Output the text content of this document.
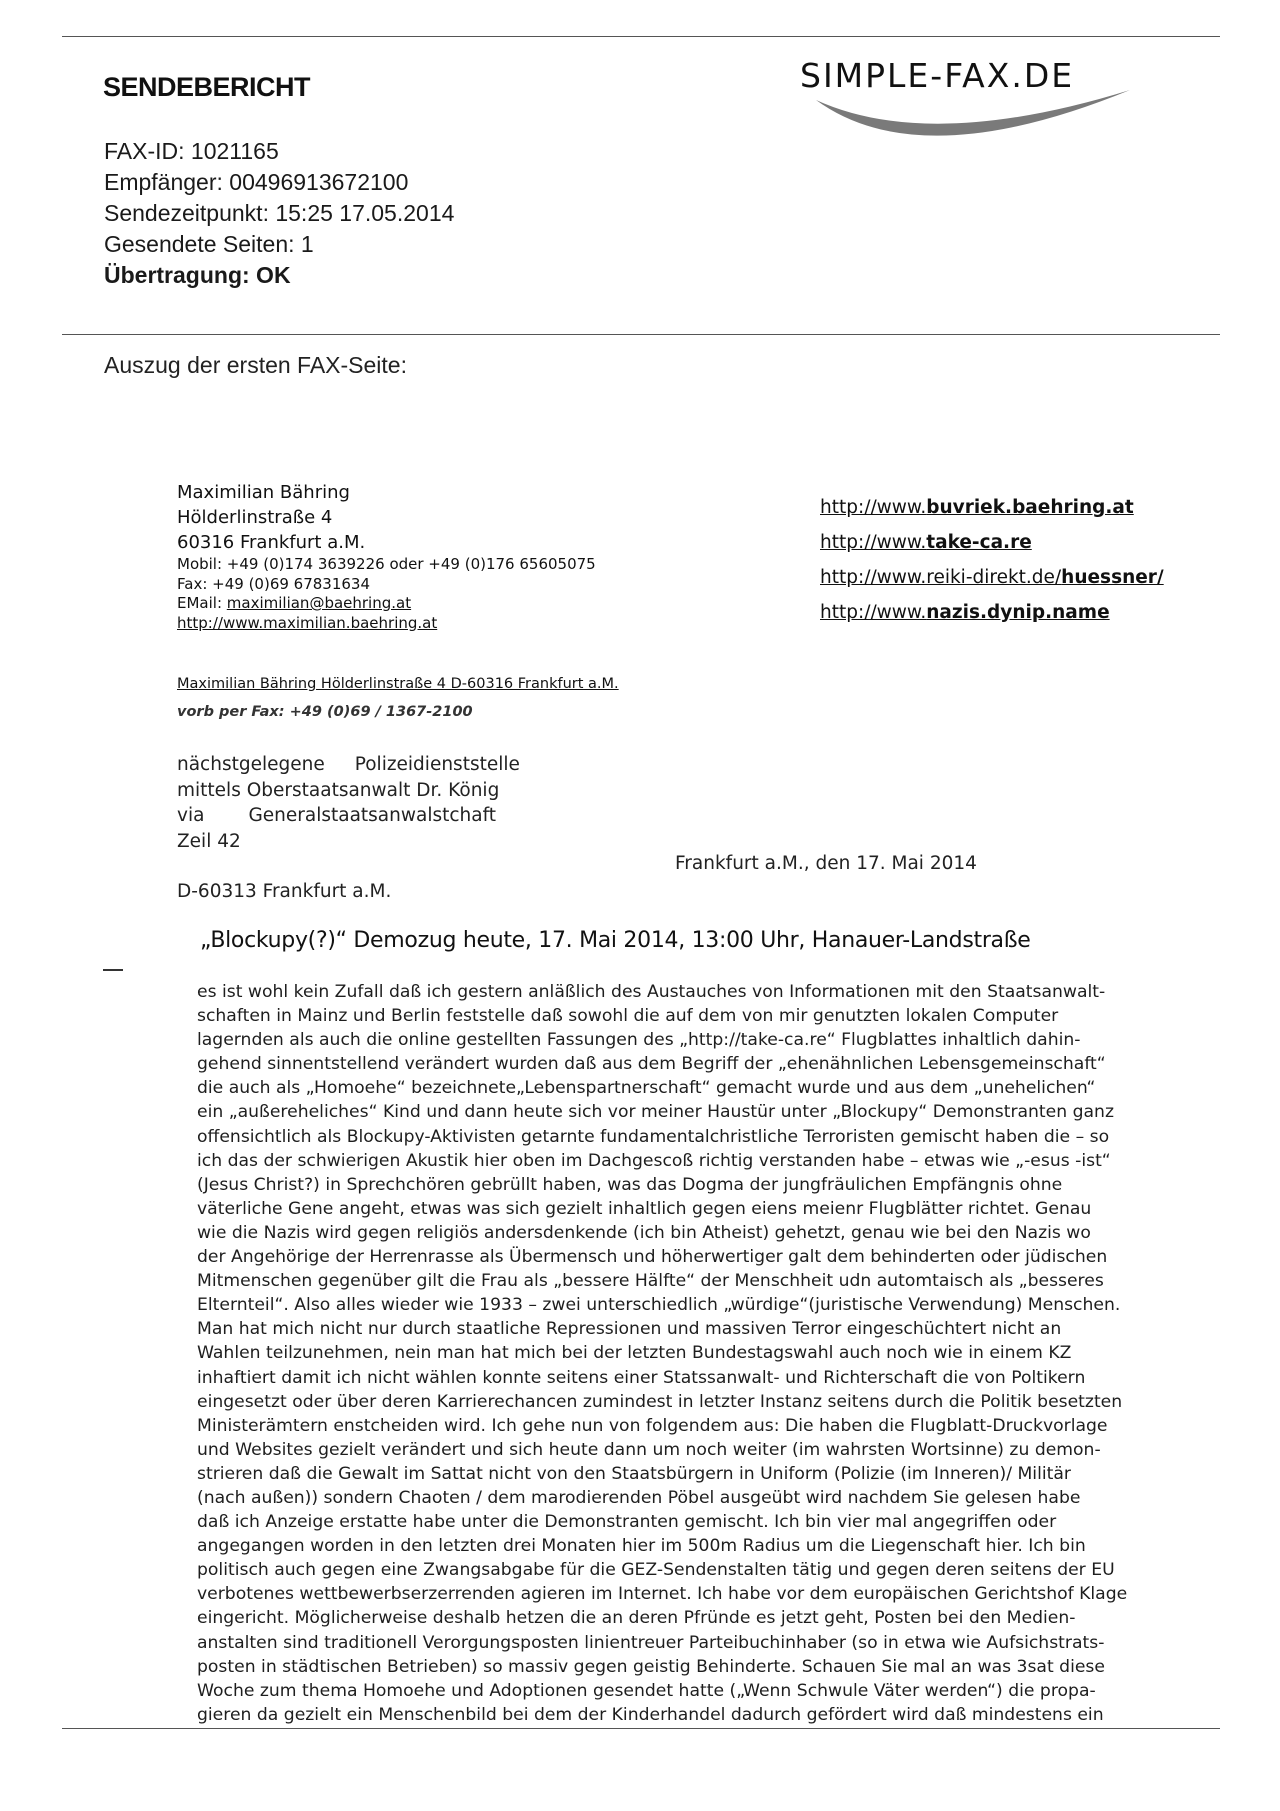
SENDEBERICHT
FAX-ID: 1021165
Empfänger: 00496913672100
Sendezeitpunkt: 15:25 17.05.2014
Gesendete Seiten: 1
Übertragung: OK
SIMPLE-FAX.DE
Auszug der ersten FAX-Seite:
Maximilian Bähring
Hölderlinstraße 4
60316 Frankfurt a.M.
Mobil: +49 (0)174 3639226 oder +49 (0)176 65605075
Fax: +49 (0)69 67831634
EMail: maximilian@baehring.at
http://www.maximilian.baehring.at
http://www.buvriek.baehring.at
http://www.take-ca.re
http://www.reiki-direkt.de/huessner/
http://www.nazis.dynip.name
Maximilian Bähring Hölderlinstraße 4 D-60316 Frankfurt a.M.
vorb per Fax: +49 (0)69 / 1367-2100
nächstgelegene Polizeidienststelle
mittels Oberstaatsanwalt Dr. König
via Generalstaatsanwalstchaft
Zeil 42
Frankfurt a.M., den 17. Mai 2014
D-60313 Frankfurt a.M.
„Blockupy(?)“ Demozug heute, 17. Mai 2014, 13:00 Uhr, Hanauer-Landstraße
es ist wohl kein Zufall daß ich gestern anläßlich des Austauches von Informationen mit den Staatsanwalt-
schaften in Mainz und Berlin feststelle daß sowohl die auf dem von mir genutzten lokalen Computer
lagernden als auch die online gestellten Fassungen des „http://take-ca.re“ Flugblattes inhaltlich dahin-
gehend sinnentstellend verändert wurden daß aus dem Begriff der „ehenähnlichen Lebensgemeinschaft“
die auch als „Homoehe“ bezeichnete„Lebenspartnerschaft“ gemacht wurde und aus dem „unehelichen“
ein „außereheliches“ Kind und dann heute sich vor meiner Haustür unter „Blockupy“ Demonstranten ganz
offensichtlich als Blockupy-Aktivisten getarnte fundamentalchristliche Terroristen gemischt haben die – so
ich das der schwierigen Akustik hier oben im Dachgescoß richtig verstanden habe – etwas wie „-esus -ist“
(Jesus Christ?) in Sprechchören gebrüllt haben, was das Dogma der jungfräulichen Empfängnis ohne
väterliche Gene angeht, etwas was sich gezielt inhaltlich gegen eiens meienr Flugblätter richtet. Genau
wie die Nazis wird gegen religiös andersdenkende (ich bin Atheist) gehetzt, genau wie bei den Nazis wo
der Angehörige der Herrenrasse als Übermensch und höherwertiger galt dem behinderten oder jüdischen
Mitmenschen gegenüber gilt die Frau als „bessere Hälfte“ der Menschheit udn automtaisch als „besseres
Elternteil“. Also alles wieder wie 1933 – zwei unterschiedlich „würdige“(juristische Verwendung) Menschen.
Man hat mich nicht nur durch staatliche Repressionen und massiven Terror eingeschüchtert nicht an
Wahlen teilzunehmen, nein man hat mich bei der letzten Bundestagswahl auch noch wie in einem KZ
inhaftiert damit ich nicht wählen konnte seitens einer Statssanwalt- und Richterschaft die von Poltikern
eingesetzt oder über deren Karrierechancen zumindest in letzter Instanz seitens durch die Politik besetzten
Ministerämtern enstcheiden wird. Ich gehe nun von folgendem aus: Die haben die Flugblatt-Druckvorlage
und Websites gezielt verändert und sich heute dann um noch weiter (im wahrsten Wortsinne) zu demon-
strieren daß die Gewalt im Sattat nicht von den Staatsbürgern in Uniform (Polizie (im Inneren)/ Militär
(nach außen)) sondern Chaoten / dem marodierenden Pöbel ausgeübt wird nachdem Sie gelesen habe
daß ich Anzeige erstatte habe unter die Demonstranten gemischt. Ich bin vier mal angegriffen oder
angegangen worden in den letzten drei Monaten hier im 500m Radius um die Liegenschaft hier. Ich bin
politisch auch gegen eine Zwangsabgabe für die GEZ-Sendenstalten tätig und gegen deren seitens der EU
verbotenes wettbewerbserzerrenden agieren im Internet. Ich habe vor dem europäischen Gerichtshof Klage
eingericht. Möglicherweise deshalb hetzen die an deren Pfründe es jetzt geht, Posten bei den Medien-
anstalten sind traditionell Verorgungsposten linientreuer Parteibuchinhaber (so in etwa wie Aufsichstrats-
posten in städtischen Betrieben) so massiv gegen geistig Behinderte. Schauen Sie mal an was 3sat diese
Woche zum thema Homoehe und Adoptionen gesendet hatte („Wenn Schwule Väter werden“) die propa-
gieren da gezielt ein Menschenbild bei dem der Kinderhandel dadurch gefördert wird daß mindestens ein
